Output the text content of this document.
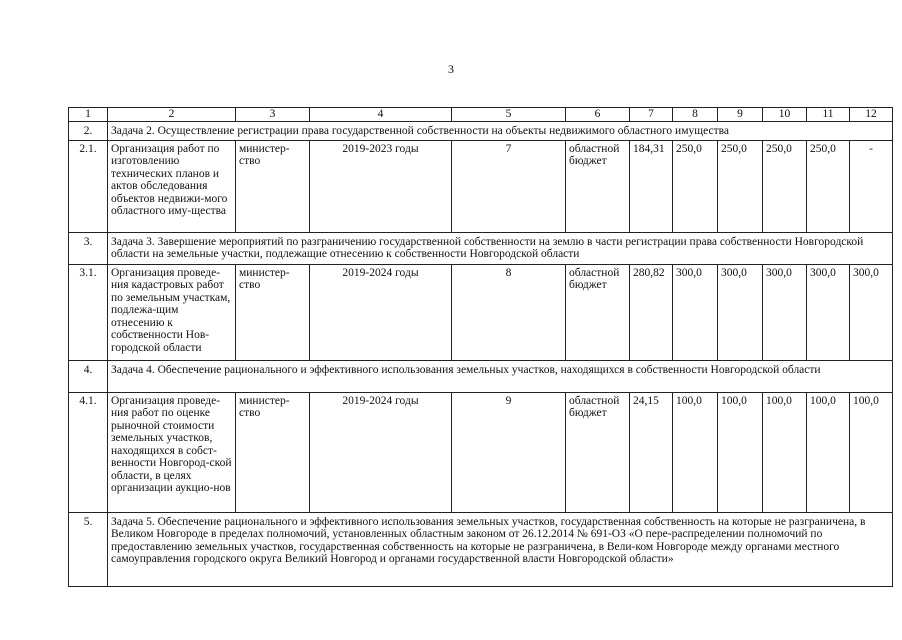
3
1	2	3	4	5	6	7	8	9	10	11	12
2.	Задача 2. Осуществление регистрации права государственной собственности на объекты недвижимого областного имущества										
2.1.	Организация работ по изготовлению технических планов и актов обследования объектов недвижи-мого областного иму-щества	министер-ство	2019-2023 годы	7	областной бюджет	184,31	250,0	250,0	250,0	250,0	-
3.	Задача 3. Завершение мероприятий по разграничению государственной собственности на землю в части регистрации права собственности Новгородской области на земельные участки, подлежащие отнесению к собственности Новгородской области										
3.1.	Организация проведе-ния кадастровых работ по земельным участкам, подлежа-щим отнесению к собственности Нов-городской области	министер-ство	2019-2024 годы	8	областной бюджет	280,82	300,0	300,0	300,0	300,0	300,0
4.	Задача 4. Обеспечение рационального и эффективного использования земельных участков, находящихся в собственности Новгородской области										
4.1.	Организация проведе-ния работ по оценке рыночной стоимости земельных участков, находящихся в собст-венности Новгород-ской области, в целях организации аукцио-нов	министер-ство	2019-2024 годы	9	областной бюджет	24,15	100,0	100,0	100,0	100,0	100,0
5.	Задача 5. Обеспечение рационального и эффективного использования земельных участков, государственная собственность на которые не разграничена, в Великом Новгороде в пределах полномочий, установленных областным законом от 26.12.2014 № 691-ОЗ «О пере-распределении полномочий по предоставлению земельных участков, государственная собственность на которые не разграничена, в Вели-ком Новгороде между органами местного самоуправления городского округа Великий Новгород и органами государственной власти Новгородской области»										
